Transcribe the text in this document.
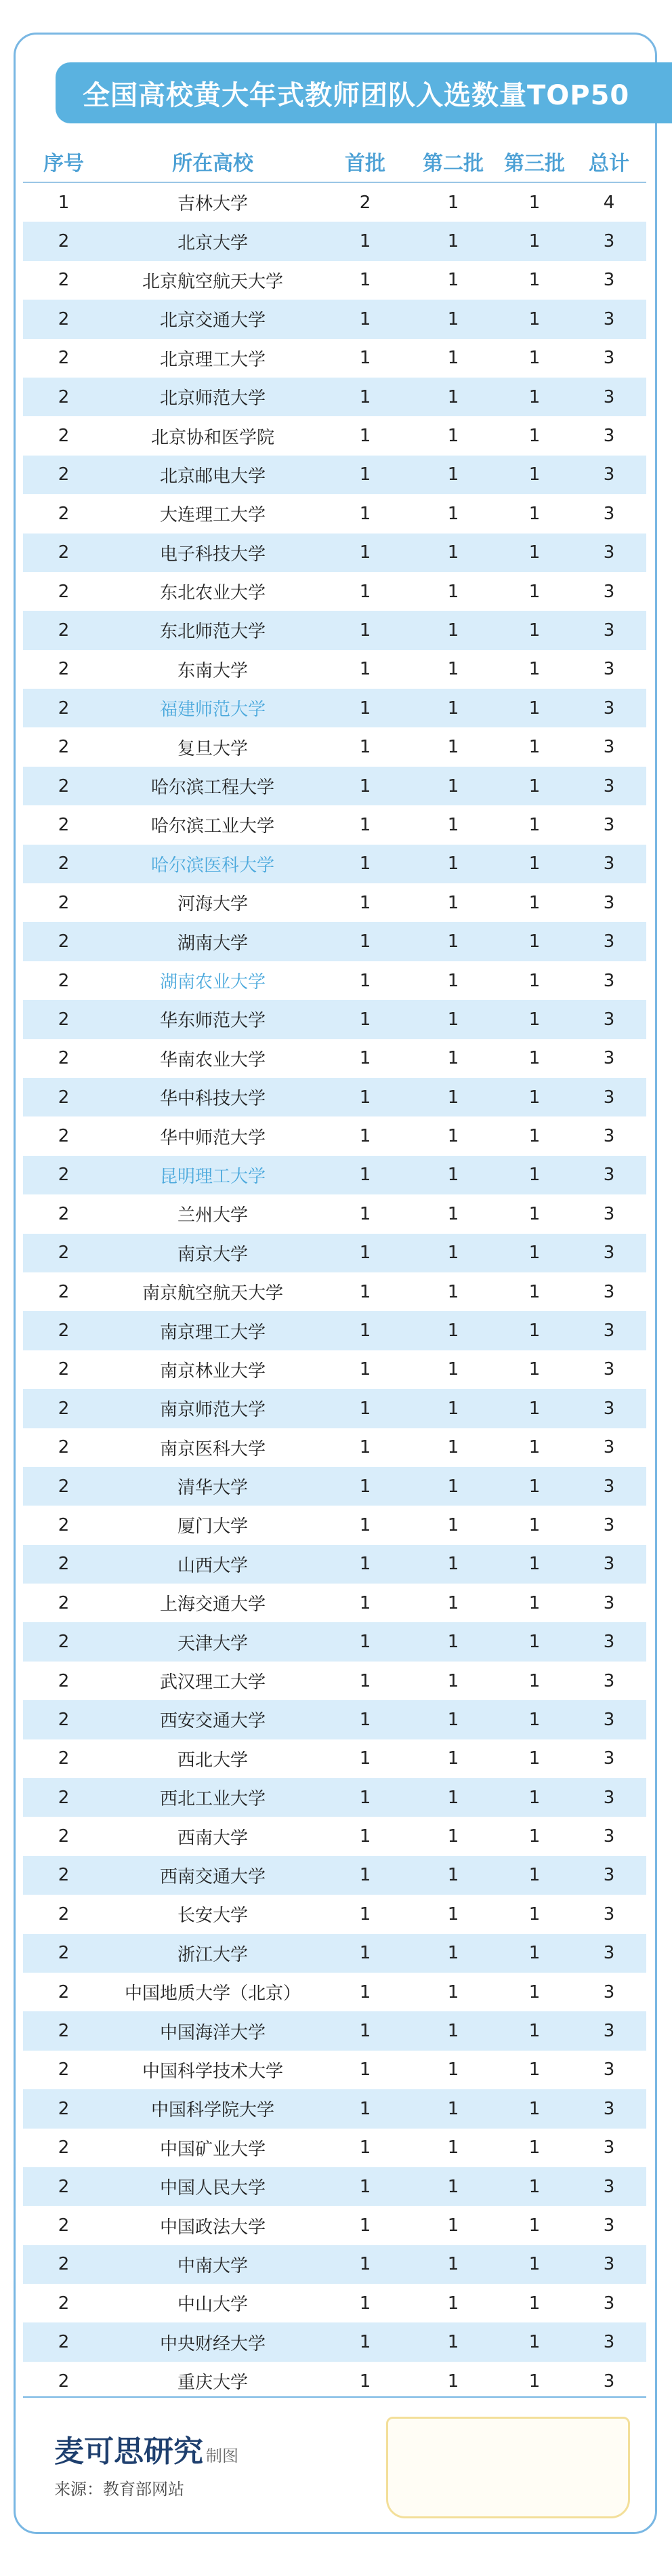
全国高校黄大年式教师团队入选数量TOP50
序号	所在高校	首批	第二批	第三批	总计
1	吉林大学	2	1	1	4
2	北京大学	1	1	1	3
2	北京航空航天大学	1	1	1	3
2	北京交通大学	1	1	1	3
2	北京理工大学	1	1	1	3
2	北京师范大学	1	1	1	3
2	北京协和医学院	1	1	1	3
2	北京邮电大学	1	1	1	3
2	大连理工大学	1	1	1	3
2	电子科技大学	1	1	1	3
2	东北农业大学	1	1	1	3
2	东北师范大学	1	1	1	3
2	东南大学	1	1	1	3
2	福建师范大学	1	1	1	3
2	复旦大学	1	1	1	3
2	哈尔滨工程大学	1	1	1	3
2	哈尔滨工业大学	1	1	1	3
2	哈尔滨医科大学	1	1	1	3
2	河海大学	1	1	1	3
2	湖南大学	1	1	1	3
2	湖南农业大学	1	1	1	3
2	华东师范大学	1	1	1	3
2	华南农业大学	1	1	1	3
2	华中科技大学	1	1	1	3
2	华中师范大学	1	1	1	3
2	昆明理工大学	1	1	1	3
2	兰州大学	1	1	1	3
2	南京大学	1	1	1	3
2	南京航空航天大学	1	1	1	3
2	南京理工大学	1	1	1	3
2	南京林业大学	1	1	1	3
2	南京师范大学	1	1	1	3
2	南京医科大学	1	1	1	3
2	清华大学	1	1	1	3
2	厦门大学	1	1	1	3
2	山西大学	1	1	1	3
2	上海交通大学	1	1	1	3
2	天津大学	1	1	1	3
2	武汉理工大学	1	1	1	3
2	西安交通大学	1	1	1	3
2	西北大学	1	1	1	3
2	西北工业大学	1	1	1	3
2	西南大学	1	1	1	3
2	西南交通大学	1	1	1	3
2	长安大学	1	1	1	3
2	浙江大学	1	1	1	3
2	中国地质大学（北京）	1	1	1	3
2	中国海洋大学	1	1	1	3
2	中国科学技术大学	1	1	1	3
2	中国科学院大学	1	1	1	3
2	中国矿业大学	1	1	1	3
2	中国人民大学	1	1	1	3
2	中国政法大学	1	1	1	3
2	中南大学	1	1	1	3
2	中山大学	1	1	1	3
2	中央财经大学	1	1	1	3
2	重庆大学	1	1	1	3
麦可思研究 制图
来源：教育部网站
